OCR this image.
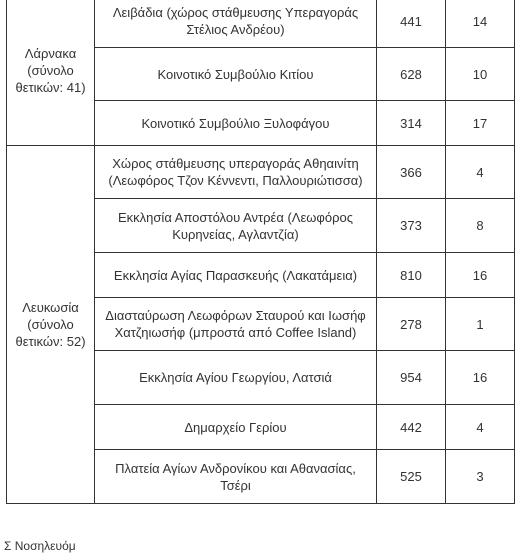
Λάρνακα
(σύνολο θετικών: 41)	Λειβάδια (χώρος στάθμευσης Υπεραγοράς Στέλιος Ανδρέου)	441	14
	Κοινοτικό Συμβούλιο Κιτίου	628	10
	Κοινοτικό Συμβούλιο Ξυλοφάγου	314	17
Λευκωσία
(σύνολο θετικών: 52)	Χώρος στάθμευσης υπεραγοράς Αθηαινίτη (Λεωφόρος Τζον Κέννεντι, Παλλουριώτισσα)	366	4
	Εκκλησία Αποστόλου Αντρέα (Λεωφόρος Κυρηνείας, Αγλαντζία)	373	8
	Εκκλησία Αγίας Παρασκευής (Λακατάμεια)	810	16
	Διασταύρωση Λεωφόρων Σταυρού και Ιωσήφ Χατζηιωσήφ (μπροστά από Coffee Island)	278	1
	Εκκλησία Αγίου Γεωργίου, Λατσιά	954	16
	Δημαρχείο Γερίου	442	4
	Πλατεία Αγίων Ανδρονίκου και Αθανασίας, Τσέρι	525	3
Σ Νοσηλευόμ
